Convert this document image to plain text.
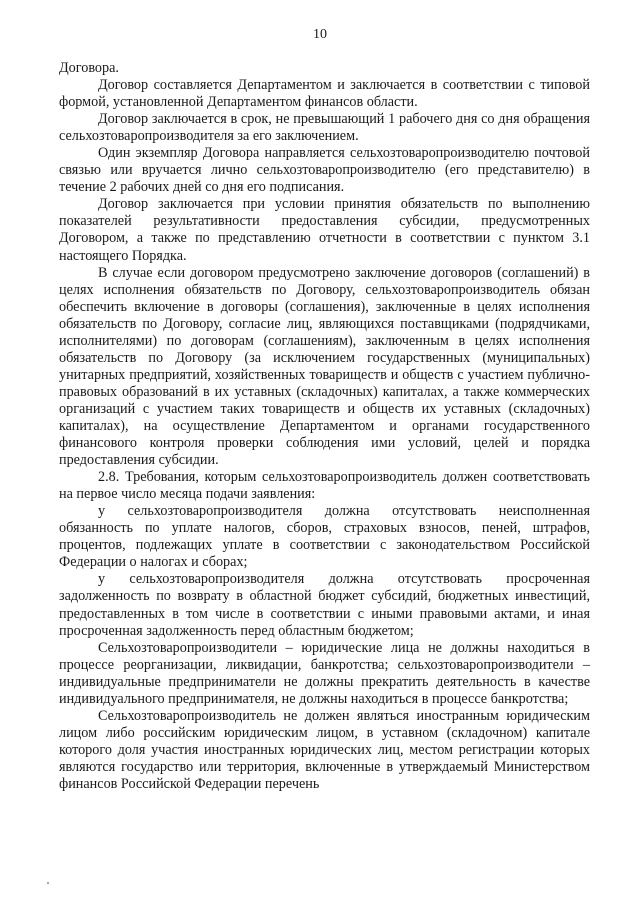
10

Договора.

Договор составляется Департаментом и заключается в соответствии с типовой формой, установленной Департаментом финансов области.

Договор заключается в срок, не превышающий 1 рабочего дня со дня обращения сельхозтоваропроизводителя за его заключением.

Один экземпляр Договора направляется сельхозтоваропроизводителю почтовой связью или вручается лично сельхозтоваропроизводителю (его представителю) в течение 2 рабочих дней со дня его подписания.

Договор заключается при условии принятия обязательств по выполнению показателей результативности предоставления субсидии, предусмотренных Договором, а также по представлению отчетности в соответствии с пунктом 3.1 настоящего Порядка.

В случае если договором предусмотрено заключение договоров (соглашений) в целях исполнения обязательств по Договору, сельхозтоваропроизводитель обязан обеспечить включение в договоры (соглашения), заключенные в целях исполнения обязательств по Договору, согласие лиц, являющихся поставщиками (подрядчиками, исполнителями) по договорам (соглашениям), заключенным в целях исполнения обязательств по Договору (за исключением государственных (муниципальных) унитарных предприятий, хозяйственных товариществ и обществ с участием публично-правовых образований в их уставных (складочных) капиталах, а также коммерческих организаций с участием таких товариществ и обществ их уставных (складочных) капиталах), на осуществление Департаментом и органами государственного финансового контроля проверки соблюдения ими условий, целей и порядка предоставления субсидии.

2.8. Требования, которым сельхозтоваропроизводитель должен соответствовать на первое число месяца подачи заявления:

у сельхозтоваропроизводителя должна отсутствовать неисполненная обязанность по уплате налогов, сборов, страховых взносов, пеней, штрафов, процентов, подлежащих уплате в соответствии с законодательством Российской Федерации о налогах и сборах;

у сельхозтоваропроизводителя должна отсутствовать просроченная задолженность по возврату в областной бюджет субсидий, бюджетных инвестиций, предоставленных в том числе в соответствии с иными правовыми актами, и иная просроченная задолженность перед областным бюджетом;

Сельхозтоваропроизводители – юридические лица не должны находиться в процессе реорганизации, ликвидации, банкротства; сельхозтоваропроизводители – индивидуальные предприниматели не должны прекратить деятельность в качестве индивидуального предпринимателя, не должны находиться в процессе банкротства;

Сельхозтоваропроизводитель не должен являться иностранным юридическим лицом либо российским юридическим лицом, в уставном (складочном) капитале которого доля участия иностранных юридических лиц, местом регистрации которых являются государство или территория, включенные в утверждаемый Министерством финансов Российской Федерации перечень
